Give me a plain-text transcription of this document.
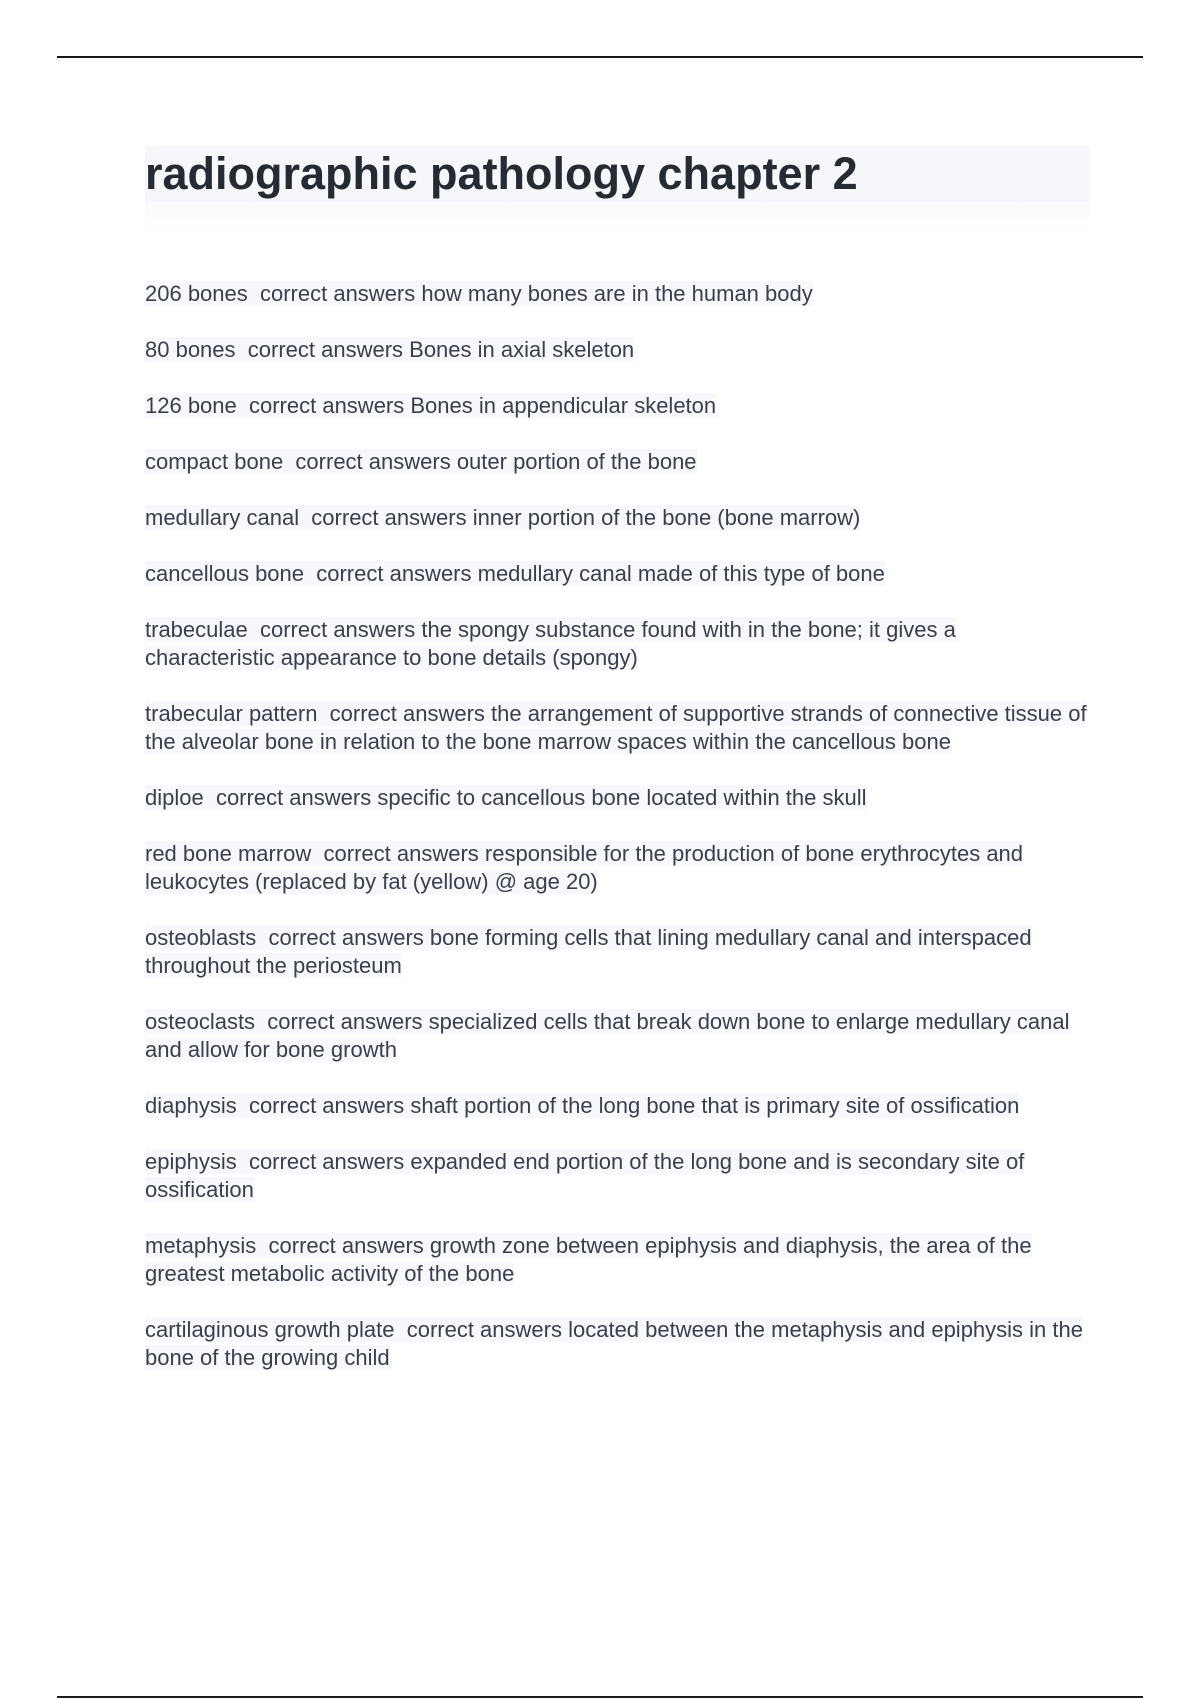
radiographic pathology chapter 2
206 bones  correct answers how many bones are in the human body
80 bones  correct answers Bones in axial skeleton
126 bone  correct answers Bones in appendicular skeleton
compact bone  correct answers outer portion of the bone
medullary canal  correct answers inner portion of the bone (bone marrow)
cancellous bone  correct answers medullary canal made of this type of bone
trabeculae  correct answers the spongy substance found with in the bone; it gives a characteristic appearance to bone details (spongy)
trabecular pattern  correct answers the arrangement of supportive strands of connective tissue of the alveolar bone in relation to the bone marrow spaces within the cancellous bone
diploe  correct answers specific to cancellous bone located within the skull
red bone marrow  correct answers responsible for the production of bone erythrocytes and leukocytes (replaced by fat (yellow) @ age 20)
osteoblasts  correct answers bone forming cells that lining medullary canal and interspaced throughout the periosteum
osteoclasts  correct answers specialized cells that break down bone to enlarge medullary canal and allow for bone growth
diaphysis  correct answers shaft portion of the long bone that is primary site of ossification
epiphysis  correct answers expanded end portion of the long bone and is secondary site of ossification
metaphysis  correct answers growth zone between epiphysis and diaphysis, the area of the greatest metabolic activity of the bone
cartilaginous growth plate  correct answers located between the metaphysis and epiphysis in the bone of the growing child
